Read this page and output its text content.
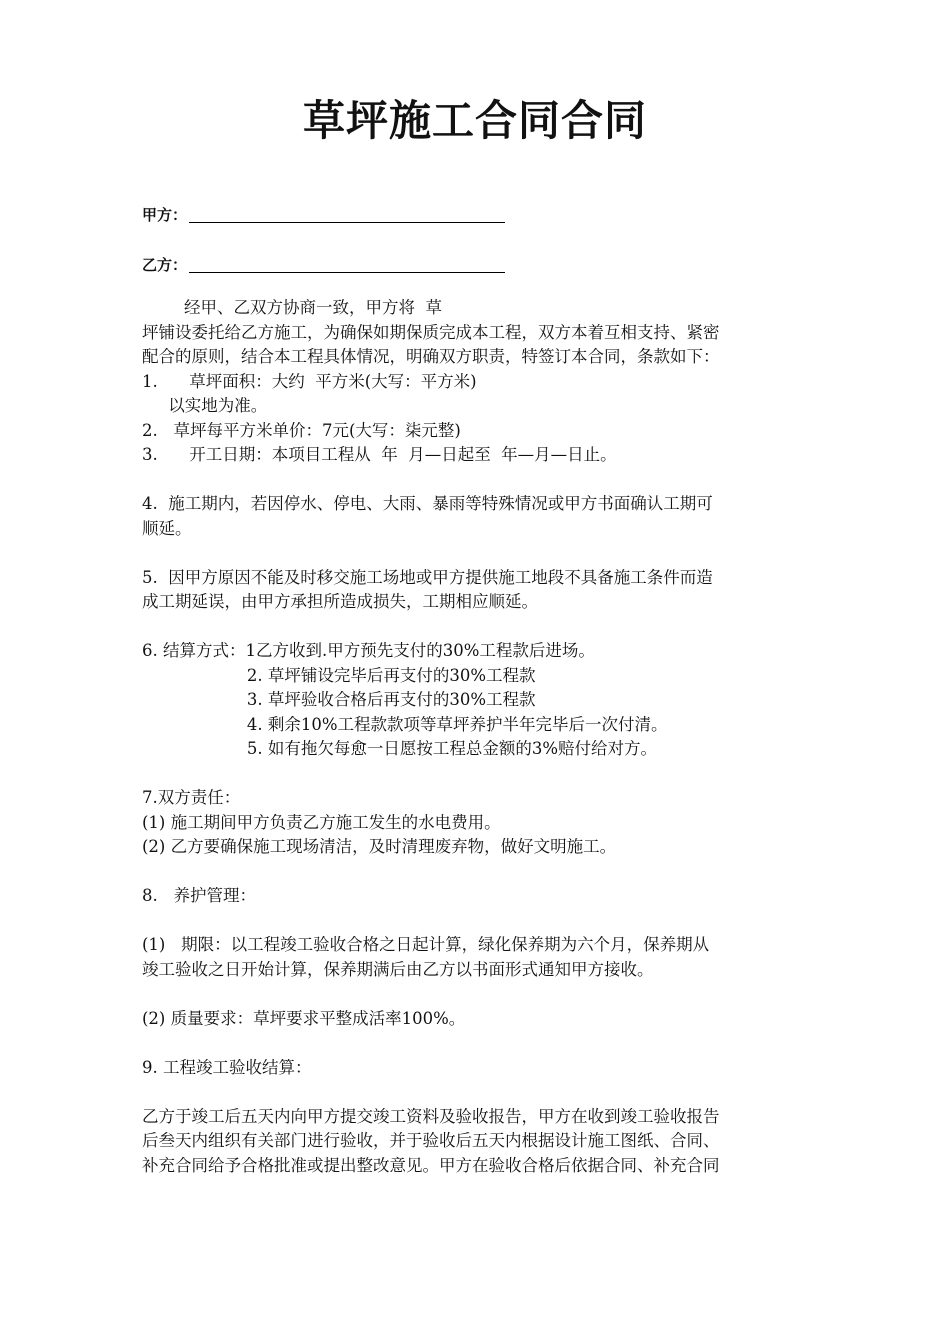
草坪施工合同合同
甲方：
乙方：

经甲、乙双方协商一致，甲方将  草

坪铺设委托给乙方施工，为确保如期保质完成本工程，双方本着互相支持、紧密

配合的原则，结合本工程具体情况，明确双方职责，特签订本合同，条款如下：

1.      草坪面积：大约  平方米(大写：平方米)

以实地为准。

2.   草坪每平方米单价：7元(大写：柒元整)

3.      开工日期：本项目工程从  年  月—日起至  年—月—日止。

4.  施工期内，若因停水、停电、大雨、暴雨等特殊情况或甲方书面确认工期可

顺延。

5.  因甲方原因不能及时移交施工场地或甲方提供施工地段不具备施工条件而造

成工期延误，由甲方承担所造成损失，工期相应顺延。

6. 结算方式：1乙方收到.甲方预先支付的30%工程款后进场。

2. 草坪铺设完毕后再支付的30%工程款

3. 草坪验收合格后再支付的30%工程款

4. 剩余10%工程款款项等草坪养护半年完毕后一次付清。

5. 如有拖欠每愈一日愿按工程总金额的3%赔付给对方。

7.双方责任：

(1) 施工期间甲方负责乙方施工发生的水电费用。

(2) 乙方要确保施工现场清洁，及时清理废弃物，做好文明施工。

8.   养护管理：

(1)   期限：以工程竣工验收合格之日起计算，绿化保养期为六个月，保养期从

竣工验收之日开始计算，保养期满后由乙方以书面形式通知甲方接收。

(2) 质量要求：草坪要求平整成活率100%。

9. 工程竣工验收结算：

乙方于竣工后五天内向甲方提交竣工资料及验收报告，甲方在收到竣工验收报告

后叁天内组织有关部门进行验收，并于验收后五天内根据设计施工图纸、合同、

补充合同给予合格批准或提出整改意见。甲方在验收合格后依据合同、补充合同
